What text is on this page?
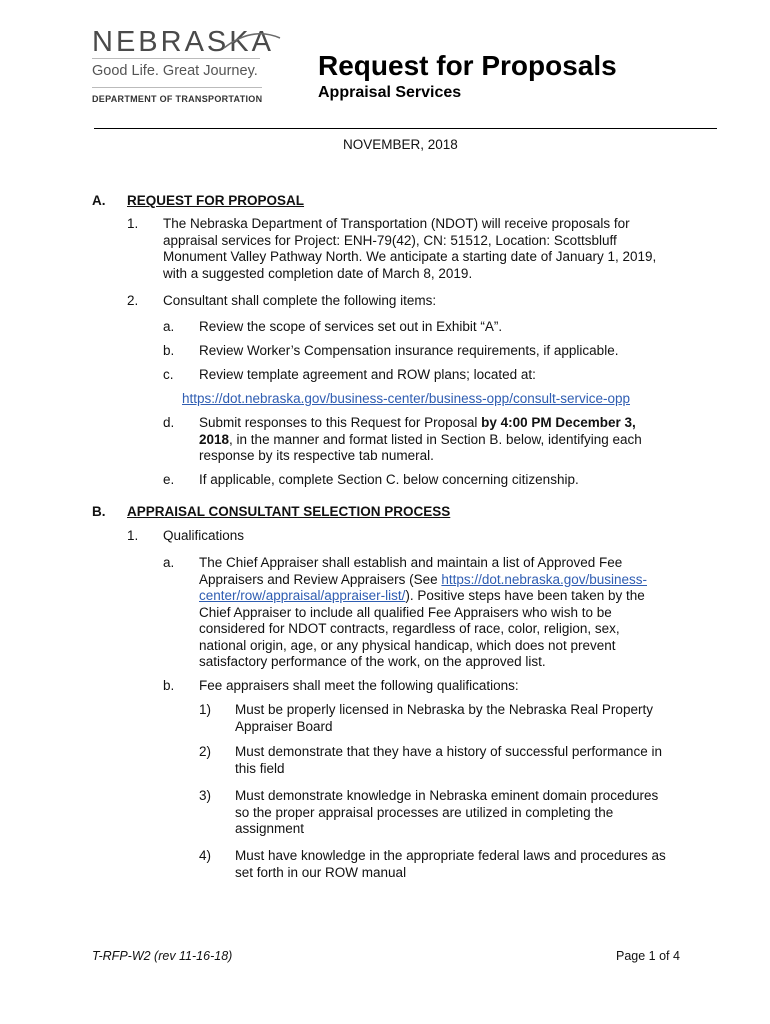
NEBRASKA
Good Life. Great Journey.
DEPARTMENT OF TRANSPORTATION
Request for Proposals
Appraisal Services
NOVEMBER, 2018
A. REQUEST FOR PROPOSAL
1. The Nebraska Department of Transportation (NDOT) will receive proposals for
appraisal services for Project: ENH-79(42), CN: 51512, Location: Scottsbluff
Monument Valley Pathway North. We anticipate a starting date of January 1, 2019,
with a suggested completion date of March 8, 2019.
2. Consultant shall complete the following items:
a. Review the scope of services set out in Exhibit “A”.
b. Review Worker’s Compensation insurance requirements, if applicable.
c. Review template agreement and ROW plans; located at:
https://dot.nebraska.gov/business-center/business-opp/consult-service-opp
d. Submit responses to this Request for Proposal by 4:00 PM December 3,
2018, in the manner and format listed in Section B. below, identifying each
response by its respective tab numeral.
e. If applicable, complete Section C. below concerning citizenship.
B. APPRAISAL CONSULTANT SELECTION PROCESS
1. Qualifications
a. The Chief Appraiser shall establish and maintain a list of Approved Fee
Appraisers and Review Appraisers (See https://dot.nebraska.gov/business-
center/row/appraisal/appraiser-list/). Positive steps have been taken by the
Chief Appraiser to include all qualified Fee Appraisers who wish to be
considered for NDOT contracts, regardless of race, color, religion, sex,
national origin, age, or any physical handicap, which does not prevent
satisfactory performance of the work, on the approved list.
b. Fee appraisers shall meet the following qualifications:
1) Must be properly licensed in Nebraska by the Nebraska Real Property
Appraiser Board
2) Must demonstrate that they have a history of successful performance in
this field
3) Must demonstrate knowledge in Nebraska eminent domain procedures
so the proper appraisal processes are utilized in completing the
assignment
4) Must have knowledge in the appropriate federal laws and procedures as
set forth in our ROW manual
T-RFP-W2 (rev 11-16-18)	Page 1 of 4
